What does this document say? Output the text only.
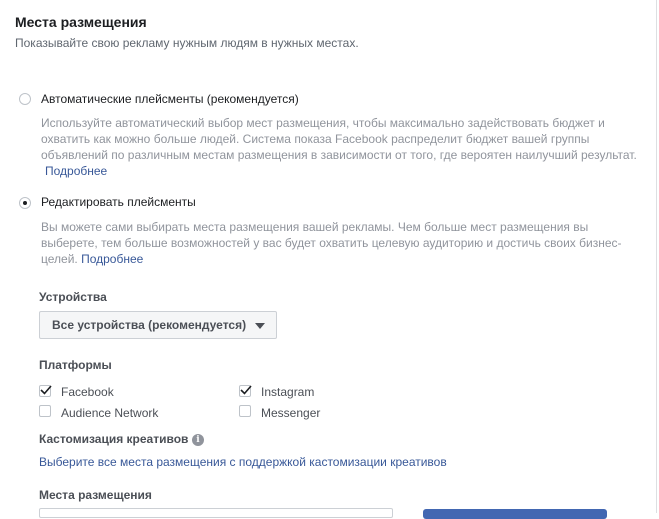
Места размещения
Показывайте свою рекламу нужным людям в нужных местах.
Автоматические плейсменты (рекомендуется)
Используйте автоматический выбор мест размещения, чтобы максимально задействовать бюджет и
охватить как можно больше людей. Система показа Facebook распределит бюджет вашей группы
объявлений по различным местам размещения в зависимости от того, где вероятен наилучший результат.
Подробнее
Редактировать плейсменты
Вы можете сами выбирать места размещения вашей рекламы. Чем больше мест размещения вы
выберете, тем больше возможностей у вас будет охватить целевую аудиторию и достичь своих бизнес-
целей. Подробнее
Устройства
Все устройства (рекомендуется)
Платформы
Facebook	Instagram
Audience Network	Messenger
Кастомизация креативов i
Выберите все места размещения с поддержкой кастомизации креативов
Места размещения
